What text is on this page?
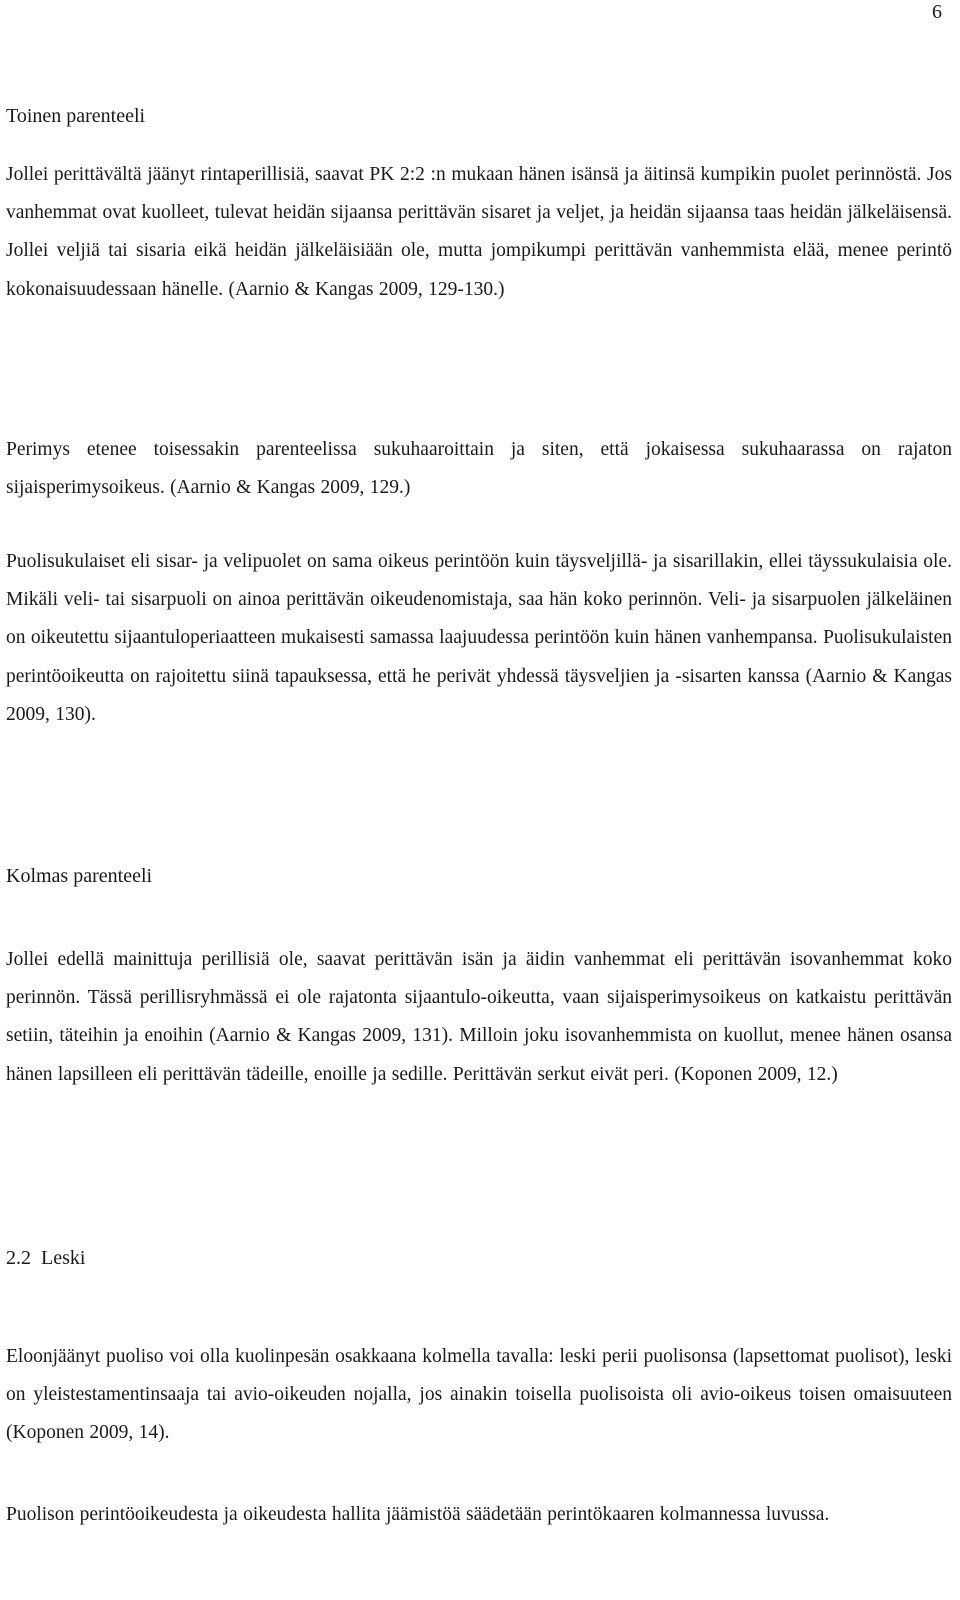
6
Toinen parenteeli

Jollei perittävältä jäänyt rintaperillisiä, saavat PK 2:2 :n mukaan hänen isänsä ja äitinsä kumpikin puolet perinnöstä. Jos vanhemmat ovat kuolleet, tulevat heidän sijaansa perittävän sisaret ja veljet, ja heidän sijaansa taas heidän jälkeläisensä. Jollei veljiä tai sisaria eikä heidän jälkeläisiään ole, mutta jompikumpi perittävän vanhemmista elää, menee perintö kokonaisuudessaan hänelle. (Aarnio & Kangas 2009, 129-130.)

Perimys etenee toisessakin parenteelissa sukuhaaroittain ja siten, että jokaisessa sukuhaarassa on rajaton sijaisperimysoikeus. (Aarnio & Kangas 2009, 129.)

Puolisukulaiset eli sisar- ja velipuolet on sama oikeus perintöön kuin täysveljillä- ja sisarillakin, ellei täyssukulaisia ole. Mikäli veli- tai sisarpuoli on ainoa perittävän oikeudenomistaja, saa hän koko perinnön. Veli- ja sisarpuolen jälkeläinen on oikeutettu sijaantuloperiaatteen mukaisesti samassa laajuudessa perintöön kuin hänen vanhempansa. Puolisukulaisten perintöoikeutta on rajoitettu siinä tapauksessa, että he perivät yhdessä täysveljien ja -sisarten kanssa (Aarnio & Kangas 2009, 130).

Kolmas parenteeli

Jollei edellä mainittuja perillisiä ole, saavat perittävän isän ja äidin vanhemmat eli perittävän isovanhemmat koko perinnön. Tässä perillisryhmässä ei ole rajatonta sijaantulo-oikeutta, vaan sijaisperimysoikeus on katkaistu perittävän setiin, täteihin ja enoihin (Aarnio & Kangas 2009, 131). Milloin joku isovanhemmista on kuollut, menee hänen osansa hänen lapsilleen eli perittävän tädeille, enoille ja sedille. Perittävän serkut eivät peri. (Koponen 2009, 12.)

2.2 Leski

Eloonjäänyt puoliso voi olla kuolinpesän osakkaana kolmella tavalla: leski perii puolisonsa (lapsettomat puolisot), leski on yleistestamentinsaaja tai avio-oikeuden nojalla, jos ainakin toisella puolisoista oli avio-oikeus toisen omaisuuteen (Koponen 2009, 14).

Puolison perintöoikeudesta ja oikeudesta hallita jäämistöä säädetään perintökaaren kolmannessa luvussa.
